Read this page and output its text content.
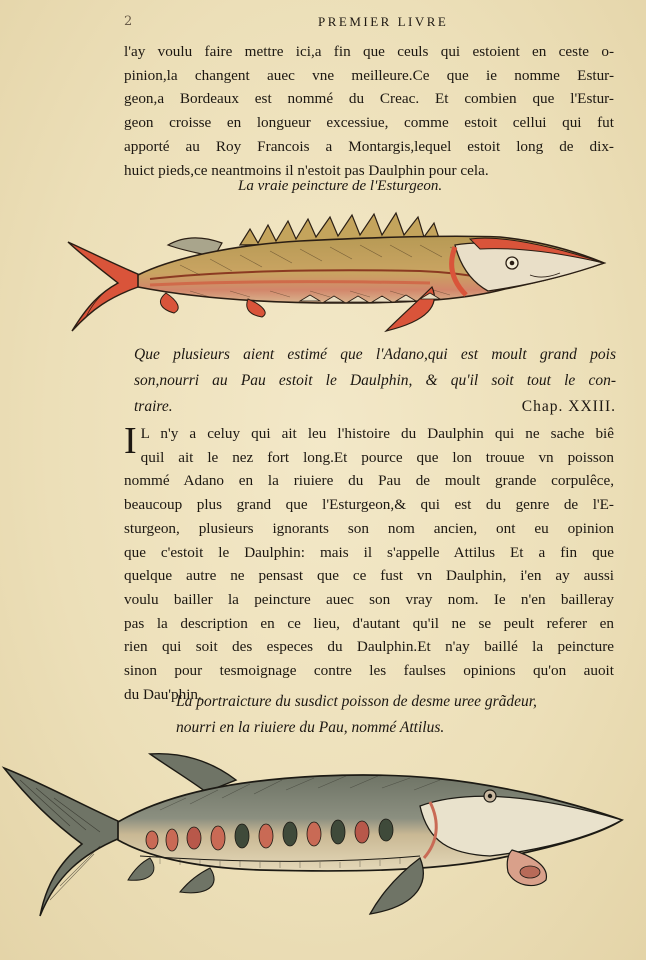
2	PREMIER LIVRE
l'ay voulu faire mettre ici,a fin que ceuls qui estoient en ceste o-
pinion,la changent auec vne meilleure.Ce que ie nomme Estur-
geon,a Bordeaux est nommé du Creac. Et combien que l'Estur-
geon croisse en longueur excessiue, comme estoit cellui qui fut
apporté au Roy Francois a Montargis,lequel estoit long de dix-
huict pieds,ce neantmoins il n'estoit pas Daulphin pour cela.
La vraie peincture de l'Esturgeon.
Que plusieurs aient estimé que l'Adano,qui est moult grand pois
son,nourri au Pau estoit le Daulphin, & qu'il soit tout le con-
traire.	Chap. XXIII.
I L n'y a celuy qui ait leu l'histoire du Daulphin qui ne sache biê
quil ait le nez fort long.Et pource que lon trouue vn poisson
nommé Adano en la riuiere du Pau de moult grande corpulêce,
beaucoup plus grand que l'Esturgeon,& qui est du genre de l'E-
sturgeon, plusieurs ignorants son nom ancien, ont eu opinion
que c'estoit le Daulphin: mais il s'appelle Attilus Et a fin que
quelque autre ne pensast que ce fust vn Daulphin, i'en ay aussi
voulu bailler la peincture auec son vray nom. Ie n'en bailleray
pas la description en ce lieu, d'autant qu'il ne se peult referer en
rien qui soit des especes du Daulphin.Et n'ay baillé la peincture
sinon pour tesmoignage contre les faulses opinions qu'on auoit
du Dau'phin.
La portraicture du susdict poisson de desme uree grãdeur,
nourri en la riuiere du Pau, nommé Attilus.
